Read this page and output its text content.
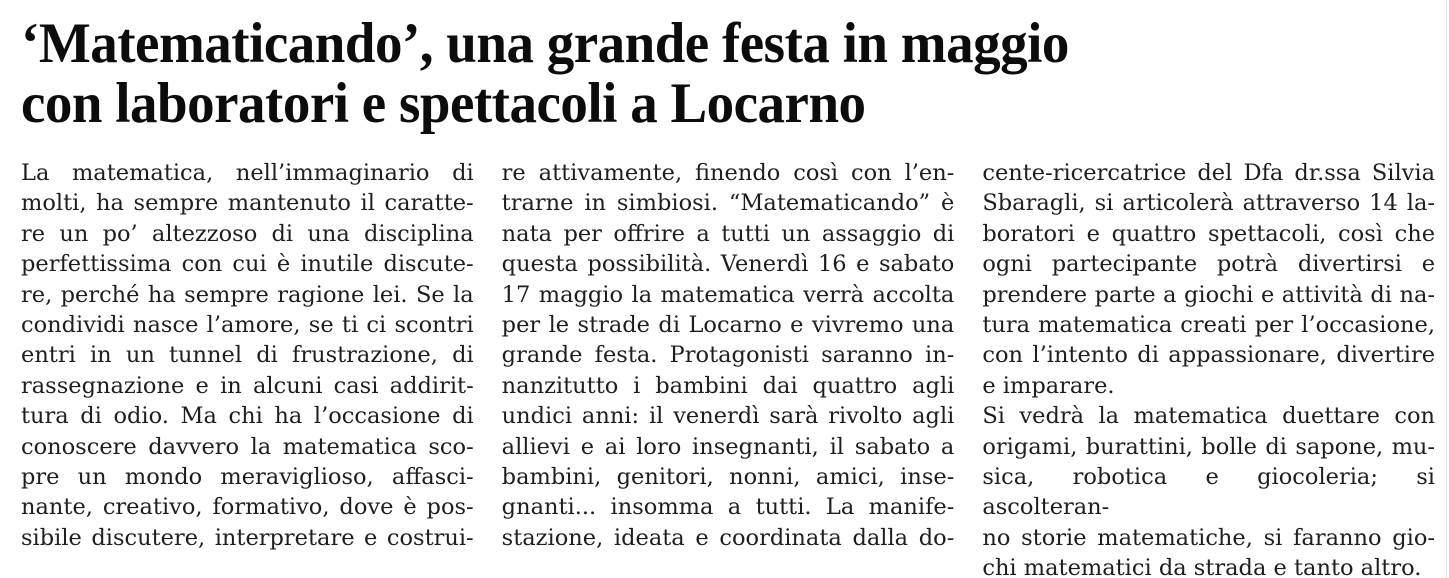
‘Matematicando’, una grande festa in maggio
con laboratori e spettacoli a Locarno
La matematica, nell’immaginario di
molti, ha sempre mantenuto il caratte-
re un po’ altezzoso di una disciplina
perfettissima con cui è inutile discute-
re, perché ha sempre ragione lei. Se la
condividi nasce l’amore, se ti ci scontri
entri in un tunnel di frustrazione, di
rassegnazione e in alcuni casi addirit-
tura di odio. Ma chi ha l’occasione di
conoscere davvero la matematica sco-
pre un mondo meraviglioso, affasci-
nante, creativo, formativo, dove è pos-
sibile discutere, interpretare e costrui-
re attivamente, finendo così con l’en-
trarne in simbiosi. “Matematicando” è
nata per offrire a tutti un assaggio di
questa possibilità. Venerdì 16 e sabato
17 maggio la matematica verrà accolta
per le strade di Locarno e vivremo una
grande festa. Protagonisti saranno in-
nanzitutto i bambini dai quattro agli
undici anni: il venerdì sarà rivolto agli
allievi e ai loro insegnanti, il sabato a
bambini, genitori, nonni, amici, inse-
gnanti... insomma a tutti. La manife-
stazione, ideata e coordinata dalla do-
cente-ricercatrice del Dfa dr.ssa Silvia
Sbaragli, si articolerà attraverso 14 la-
boratori e quattro spettacoli, così che
ogni partecipante potrà divertirsi e
prendere parte a giochi e attività di na-
tura matematica creati per l’occasione,
con l’intento di appassionare, divertire
e imparare.
Si vedrà la matematica duettare con
origami, burattini, bolle di sapone, mu-
sica, robotica e giocoleria; si ascolteran-
no storie matematiche, si faranno gio-
chi matematici da strada e tanto altro.
